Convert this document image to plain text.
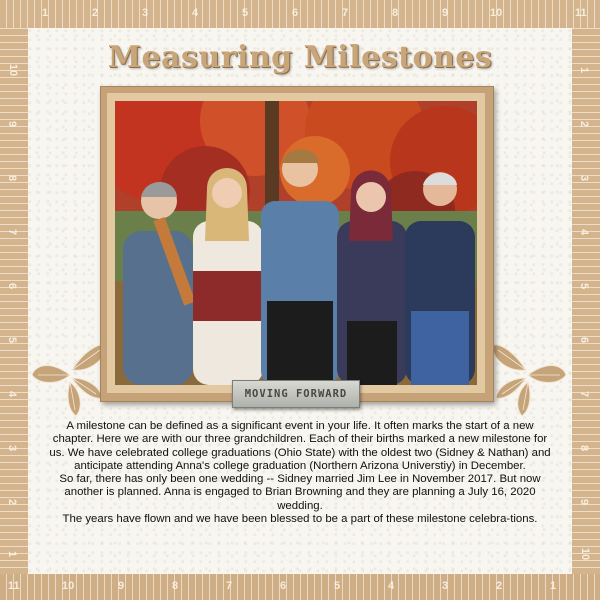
1	2	3	4	5	6	7	8	9	10	11
11	10	9	8	7	6	5	4	3	2	1
10
9
8
7
6
5
4
3
2
1
1
2
3
4
5
6
7
8
9
10
Measuring Milestones
MOVING FORWARD

A milestone can be defined as a significant event in your life. It often marks the start of a new chapter. Here we are with our three grandchildren. Each of their births marked a new milestone for us. We have celebrated college graduations (Ohio State) with the oldest two (Sidney & Nathan) and anticipate attending Anna's college graduation (Northern Arizona Universtiy) in December.

So far, there has only been one wedding -- Sidney married Jim Lee in November 2017. But now another is planned. Anna is engaged to Brian Browning and they are planning a July 16, 2020 wedding.

The years have flown and we have been blessed to be a part of these milestone celebra-tions.
